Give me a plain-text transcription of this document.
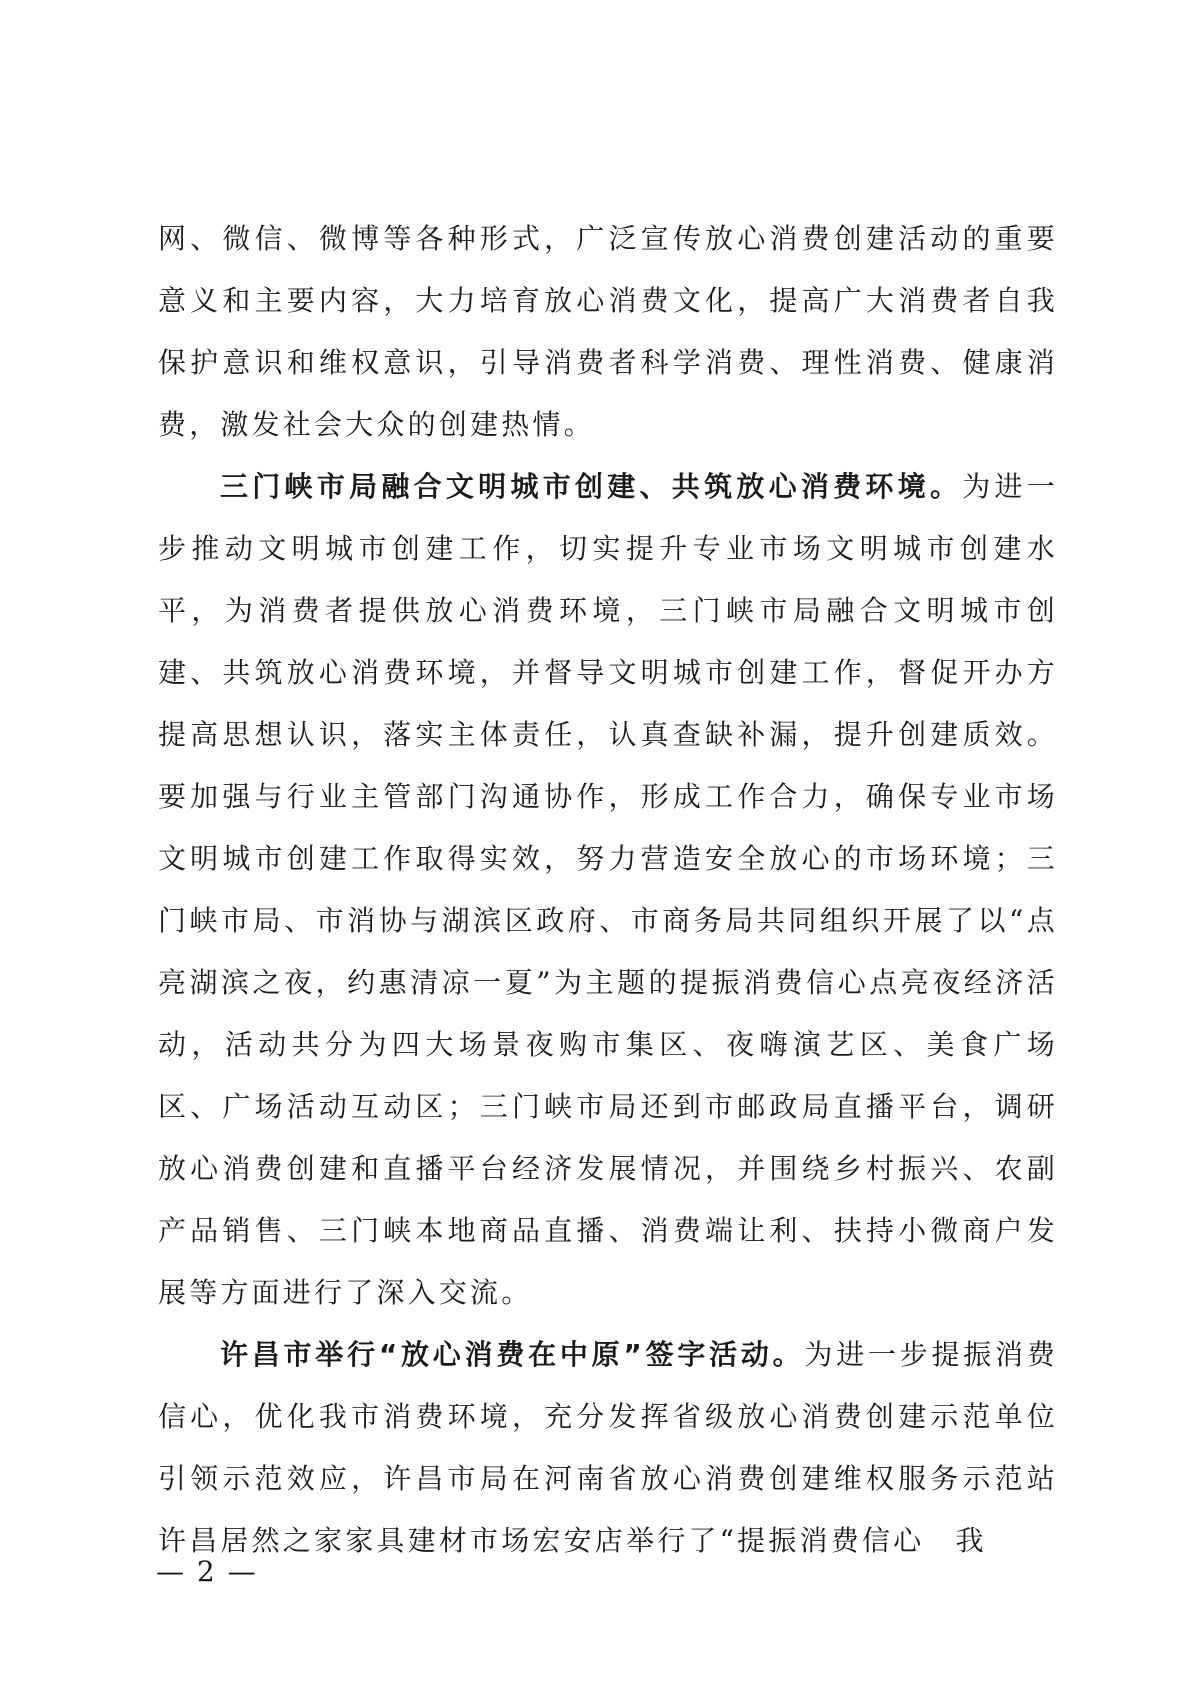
网、微信、微博等各种形式，广泛宣传放心消费创建活动的重要意义和主要内容，大力培育放心消费文化，提高广大消费者自我保护意识和维权意识，引导消费者科学消费、理性消费、健康消费，激发社会大众的创建热情。

三门峡市局融合文明城市创建、共筑放心消费环境。为进一步推动文明城市创建工作，切实提升专业市场文明城市创建水平，为消费者提供放心消费环境，三门峡市局融合文明城市创建、共筑放心消费环境，并督导文明城市创建工作，督促开办方提高思想认识，落实主体责任，认真查缺补漏，提升创建质效。要加强与行业主管部门沟通协作，形成工作合力，确保专业市场文明城市创建工作取得实效，努力营造安全放心的市场环境；三门峡市局、市消协与湖滨区政府、市商务局共同组织开展了以“点亮湖滨之夜，约惠清凉一夏”为主题的提振消费信心点亮夜经济活动，活动共分为四大场景夜购市集区、夜嗨演艺区、美食广场区、广场活动互动区；三门峡市局还到市邮政局直播平台，调研放心消费创建和直播平台经济发展情况，并围绕乡村振兴、农副产品销售、三门峡本地商品直播、消费端让利、扶持小微商户发展等方面进行了深入交流。

许昌市举行“放心消费在中原”签字活动。为进一步提振消费信心，优化我市消费环境，充分发挥省级放心消费创建示范单位引领示范效应，许昌市局在河南省放心消费创建维权服务示范站许昌居然之家家具建材市场宏安店举行了“提振消费信心　我

— 2 —
